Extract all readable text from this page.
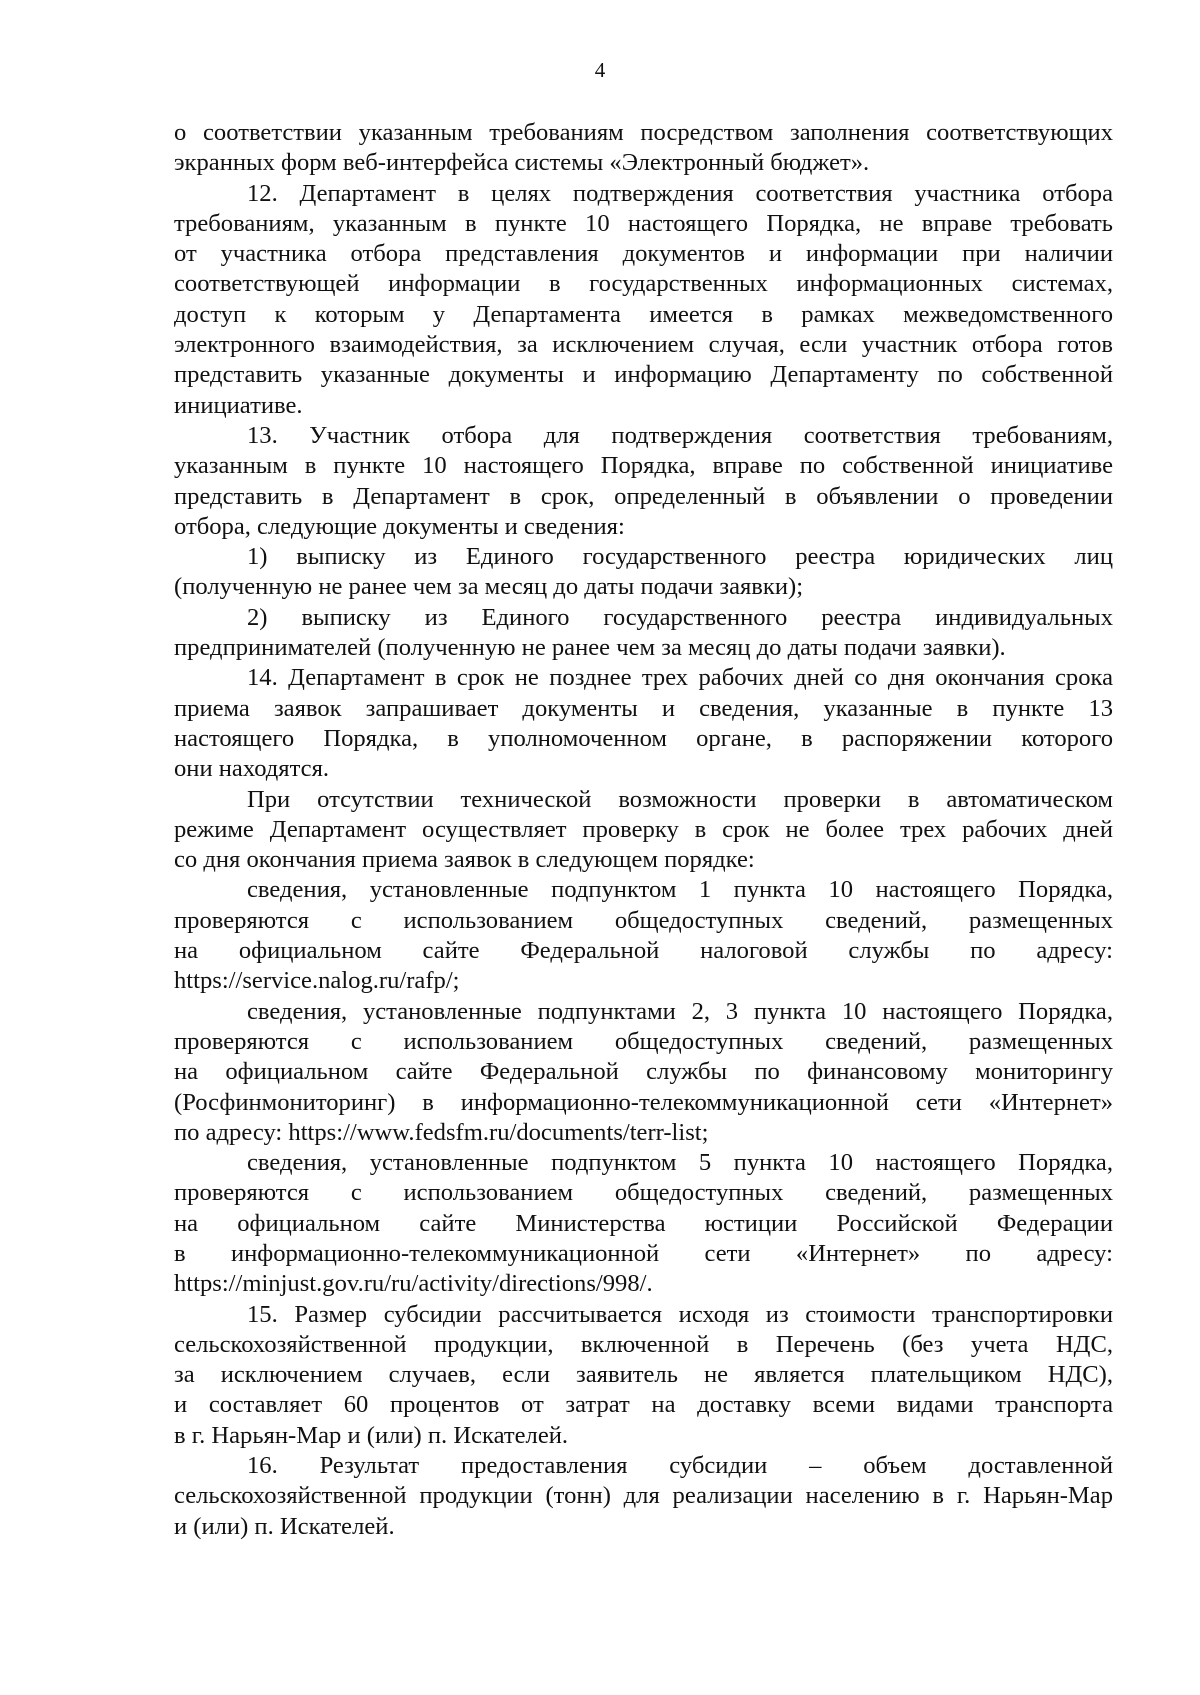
4
о соответствии указанным требованиям посредством заполнения соответствующих
экранных форм веб-интерфейса системы «Электронный бюджет».
12. Департамент в целях подтверждения соответствия участника отбора
требованиям, указанным в пункте 10 настоящего Порядка, не вправе требовать
от участника отбора представления документов и информации при наличии
соответствующей информации в государственных информационных системах,
доступ к которым у Департамента имеется в рамках межведомственного
электронного взаимодействия, за исключением случая, если участник отбора готов
представить указанные документы и информацию Департаменту по собственной
инициативе.
13. Участник отбора для подтверждения соответствия требованиям,
указанным в пункте 10 настоящего Порядка, вправе по собственной инициативе
представить в Департамент в срок, определенный в объявлении о проведении
отбора, следующие документы и сведения:
1) выписку из Единого государственного реестра юридических лиц
(полученную не ранее чем за месяц до даты подачи заявки);
2) выписку из Единого государственного реестра индивидуальных
предпринимателей (полученную не ранее чем за месяц до даты подачи заявки).
14. Департамент в срок не позднее трех рабочих дней со дня окончания срока
приема заявок запрашивает документы и сведения, указанные в пункте 13
настоящего Порядка, в уполномоченном органе, в распоряжении которого
они находятся.
При отсутствии технической возможности проверки в автоматическом
режиме Департамент осуществляет проверку в срок не более трех рабочих дней
со дня окончания приема заявок в следующем порядке:
сведения, установленные подпунктом 1 пункта 10 настоящего Порядка,
проверяются с использованием общедоступных сведений, размещенных
на официальном сайте Федеральной налоговой службы по адресу:
https://service.nalog.ru/rafp/;
сведения, установленные подпунктами 2, 3 пункта 10 настоящего Порядка,
проверяются с использованием общедоступных сведений, размещенных
на официальном сайте Федеральной службы по финансовому мониторингу
(Росфинмониторинг) в информационно-телекоммуникационной сети «Интернет»
по адресу: https://www.fedsfm.ru/documents/terr-list;
сведения, установленные подпунктом 5 пункта 10 настоящего Порядка,
проверяются с использованием общедоступных сведений, размещенных
на официальном сайте Министерства юстиции Российской Федерации
в информационно-телекоммуникационной сети «Интернет» по адресу:
https://minjust.gov.ru/ru/activity/directions/998/.
15. Размер субсидии рассчитывается исходя из стоимости транспортировки
сельскохозяйственной продукции, включенной в Перечень (без учета НДС,
за исключением случаев, если заявитель не является плательщиком НДС),
и составляет 60 процентов от затрат на доставку всеми видами транспорта
в г. Нарьян-Мар и (или) п. Искателей.
16. Результат предоставления субсидии – объем доставленной
сельскохозяйственной продукции (тонн) для реализации населению в г. Нарьян-Мар
и (или) п. Искателей.
